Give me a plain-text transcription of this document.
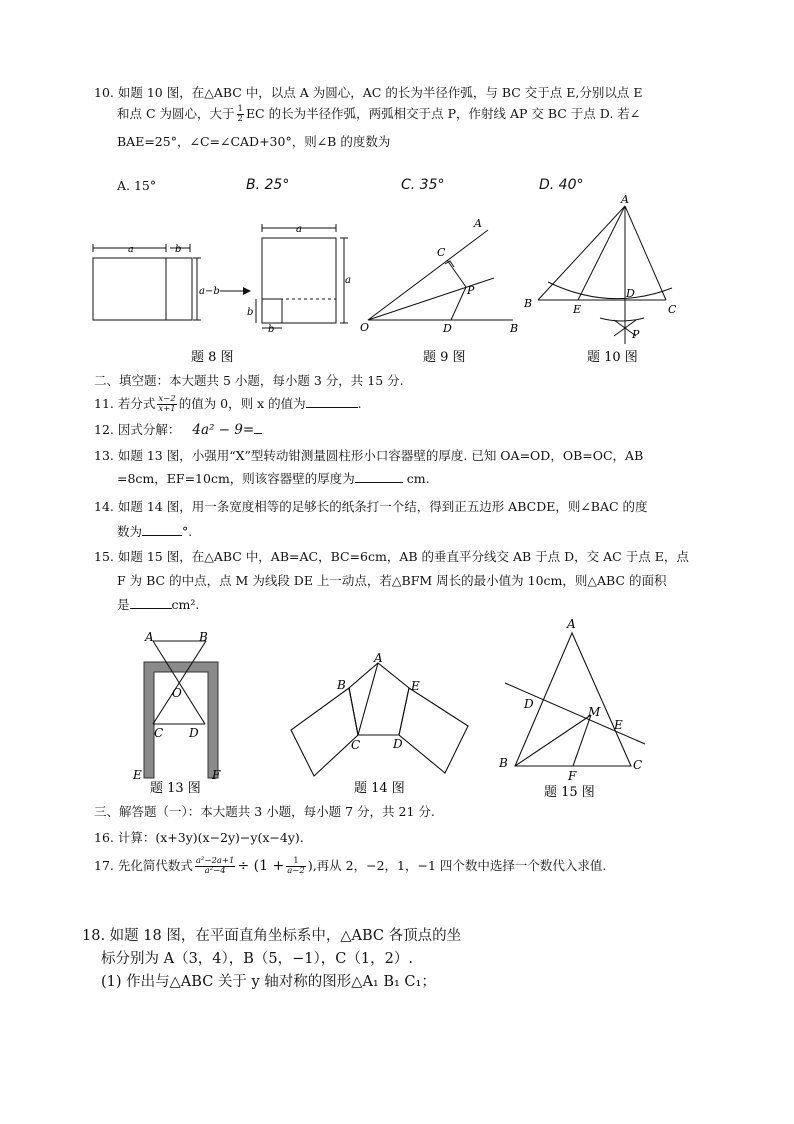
10. 如题 10 图，在△ABC 中，以点 A 为圆心，AC 的长为半径作弧，与 BC 交于点 E,分别以点 E
和点 C 为圆心，大于 $\frac{1}{2}$ EC 的长为半径作弧，两弧相交于点 P，作射线 AP 交 BC 于点 D. 若∠
BAE=25°，∠C=∠CAD+30°，则∠B 的度数为
A. 15°	B. 25°	C. 35°	D. 40°
a	b
a−b
a
a
b
b
题 8 图
A
C
P
O	D	B
题 9 图
A
B	E
D
C
P
题 10 图
二、填空题：本大题共 5 小题，每小题 3 分，共 15 分.
11. 若分式 $\frac{x-2}{x+1}$ 的值为 0，则 x 的值为	.
12. 因式分解： 4a² − 9=
13. 如题 13 图，小强用“X”型转动钳测量圆柱形小口容器壁的厚度. 已知 OA=OD，OB=OC，AB
=8cm，EF=10cm，则该容器壁的厚度为	cm.
14. 如题 14 图，用一条宽度相等的足够长的纸条打一个结，得到正五边形 ABCDE，则∠BAC 的度
数为	°.
15. 如题 15 图，在△ABC 中，AB=AC，BC=6cm，AB 的垂直平分线交 AB 于点 D，交 AC 于点 E，点
F 为 BC 的中点，点 M 为线段 DE 上一动点，若△BFM 周长的最小值为 10cm，则△ABC 的面积
是	cm².
A	B
O
C D
E	F
题 13 图
A
B	E
C	D
题 14 图
A
D
M
E
B
F
C
题 15 图
三、解答题（一）：本大题共 3 小题，每小题 7 分，共 21 分.
16. 计算：(x+3y)(x−2y)−y(x−4y).
17. 先化简代数式 $\frac{\text{a²−2a+1}}{\text{a²−4}} \div (1 + \frac{1}{a-2}$ ),再从 2，−2，1，−1 四个数中选择一个数代入求值.
18. 如题 18 图，在平面直角坐标系中，△ABC 各顶点的坐
标分别为 A（3，4），B（5，−1），C（1，2）.
(1) 作出与△ABC 关于 y 轴对称的图形△A₁ B₁ C₁；
